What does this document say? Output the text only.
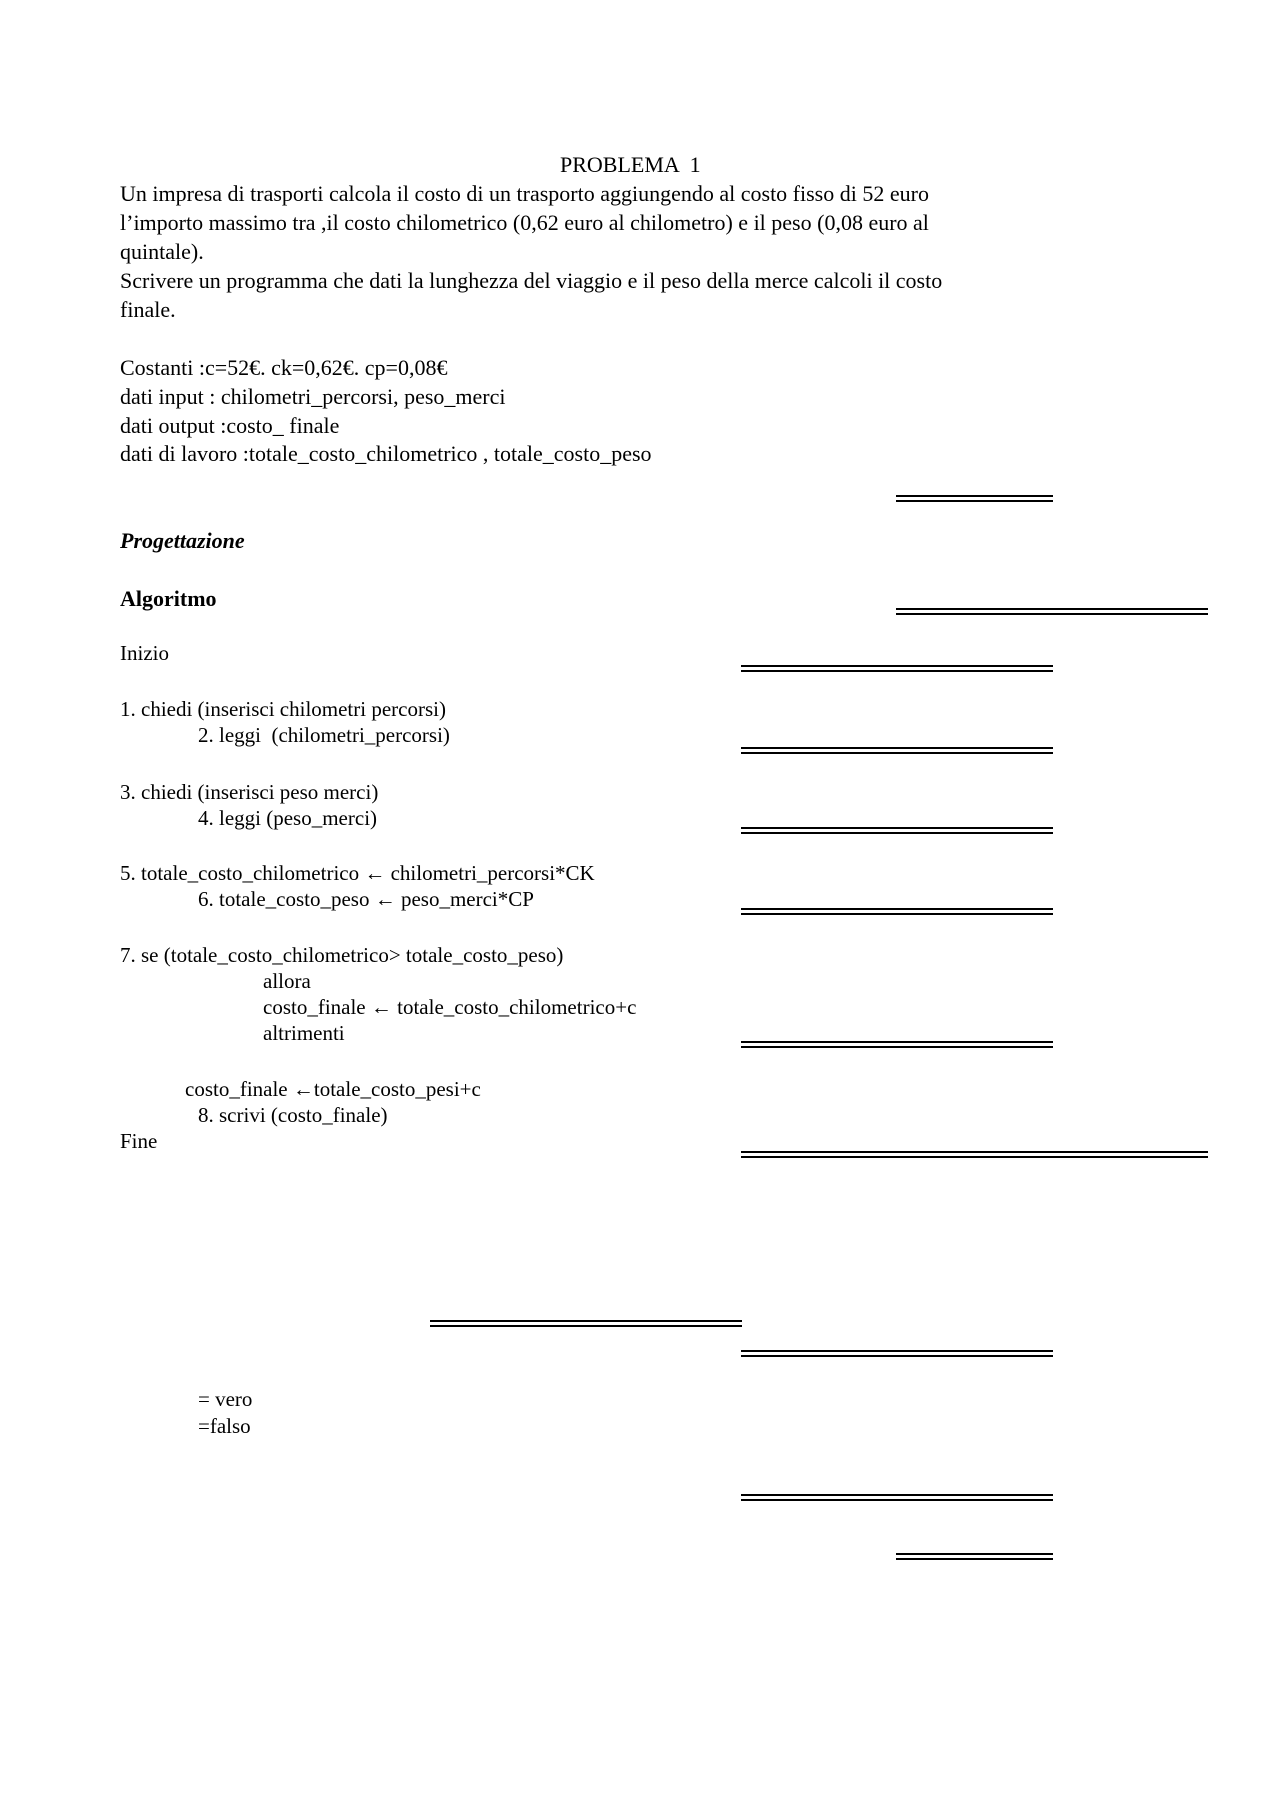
PROBLEMA  1
Un impresa di trasporti calcola il costo di un trasporto aggiungendo al costo fisso di 52 euro
l’importo massimo tra ,il costo chilometrico (0,62 euro al chilometro) e il peso (0,08 euro al
quintale).
Scrivere un programma che dati la lunghezza del viaggio e il peso della merce calcoli il costo
finale.
Costanti :c=52€. ck=0,62€. cp=0,08€
dati input : chilometri_percorsi, peso_merci
dati output :costo_ finale
dati di lavoro :totale_costo_chilometrico , totale_costo_peso
Progettazione
Algoritmo
Inizio
1. chiedi (inserisci chilometri percorsi)
2. leggi  (chilometri_percorsi)
3. chiedi (inserisci peso merci)
4. leggi (peso_merci)
5. totale_costo_chilometrico ← chilometri_percorsi*CK
6. totale_costo_peso ← peso_merci*CP
7. se (totale_costo_chilometrico> totale_costo_peso)
allora
costo_finale ← totale_costo_chilometrico+c
altrimenti
costo_finale ←totale_costo_pesi+c
8. scrivi (costo_finale)
Fine
= vero
=falso
